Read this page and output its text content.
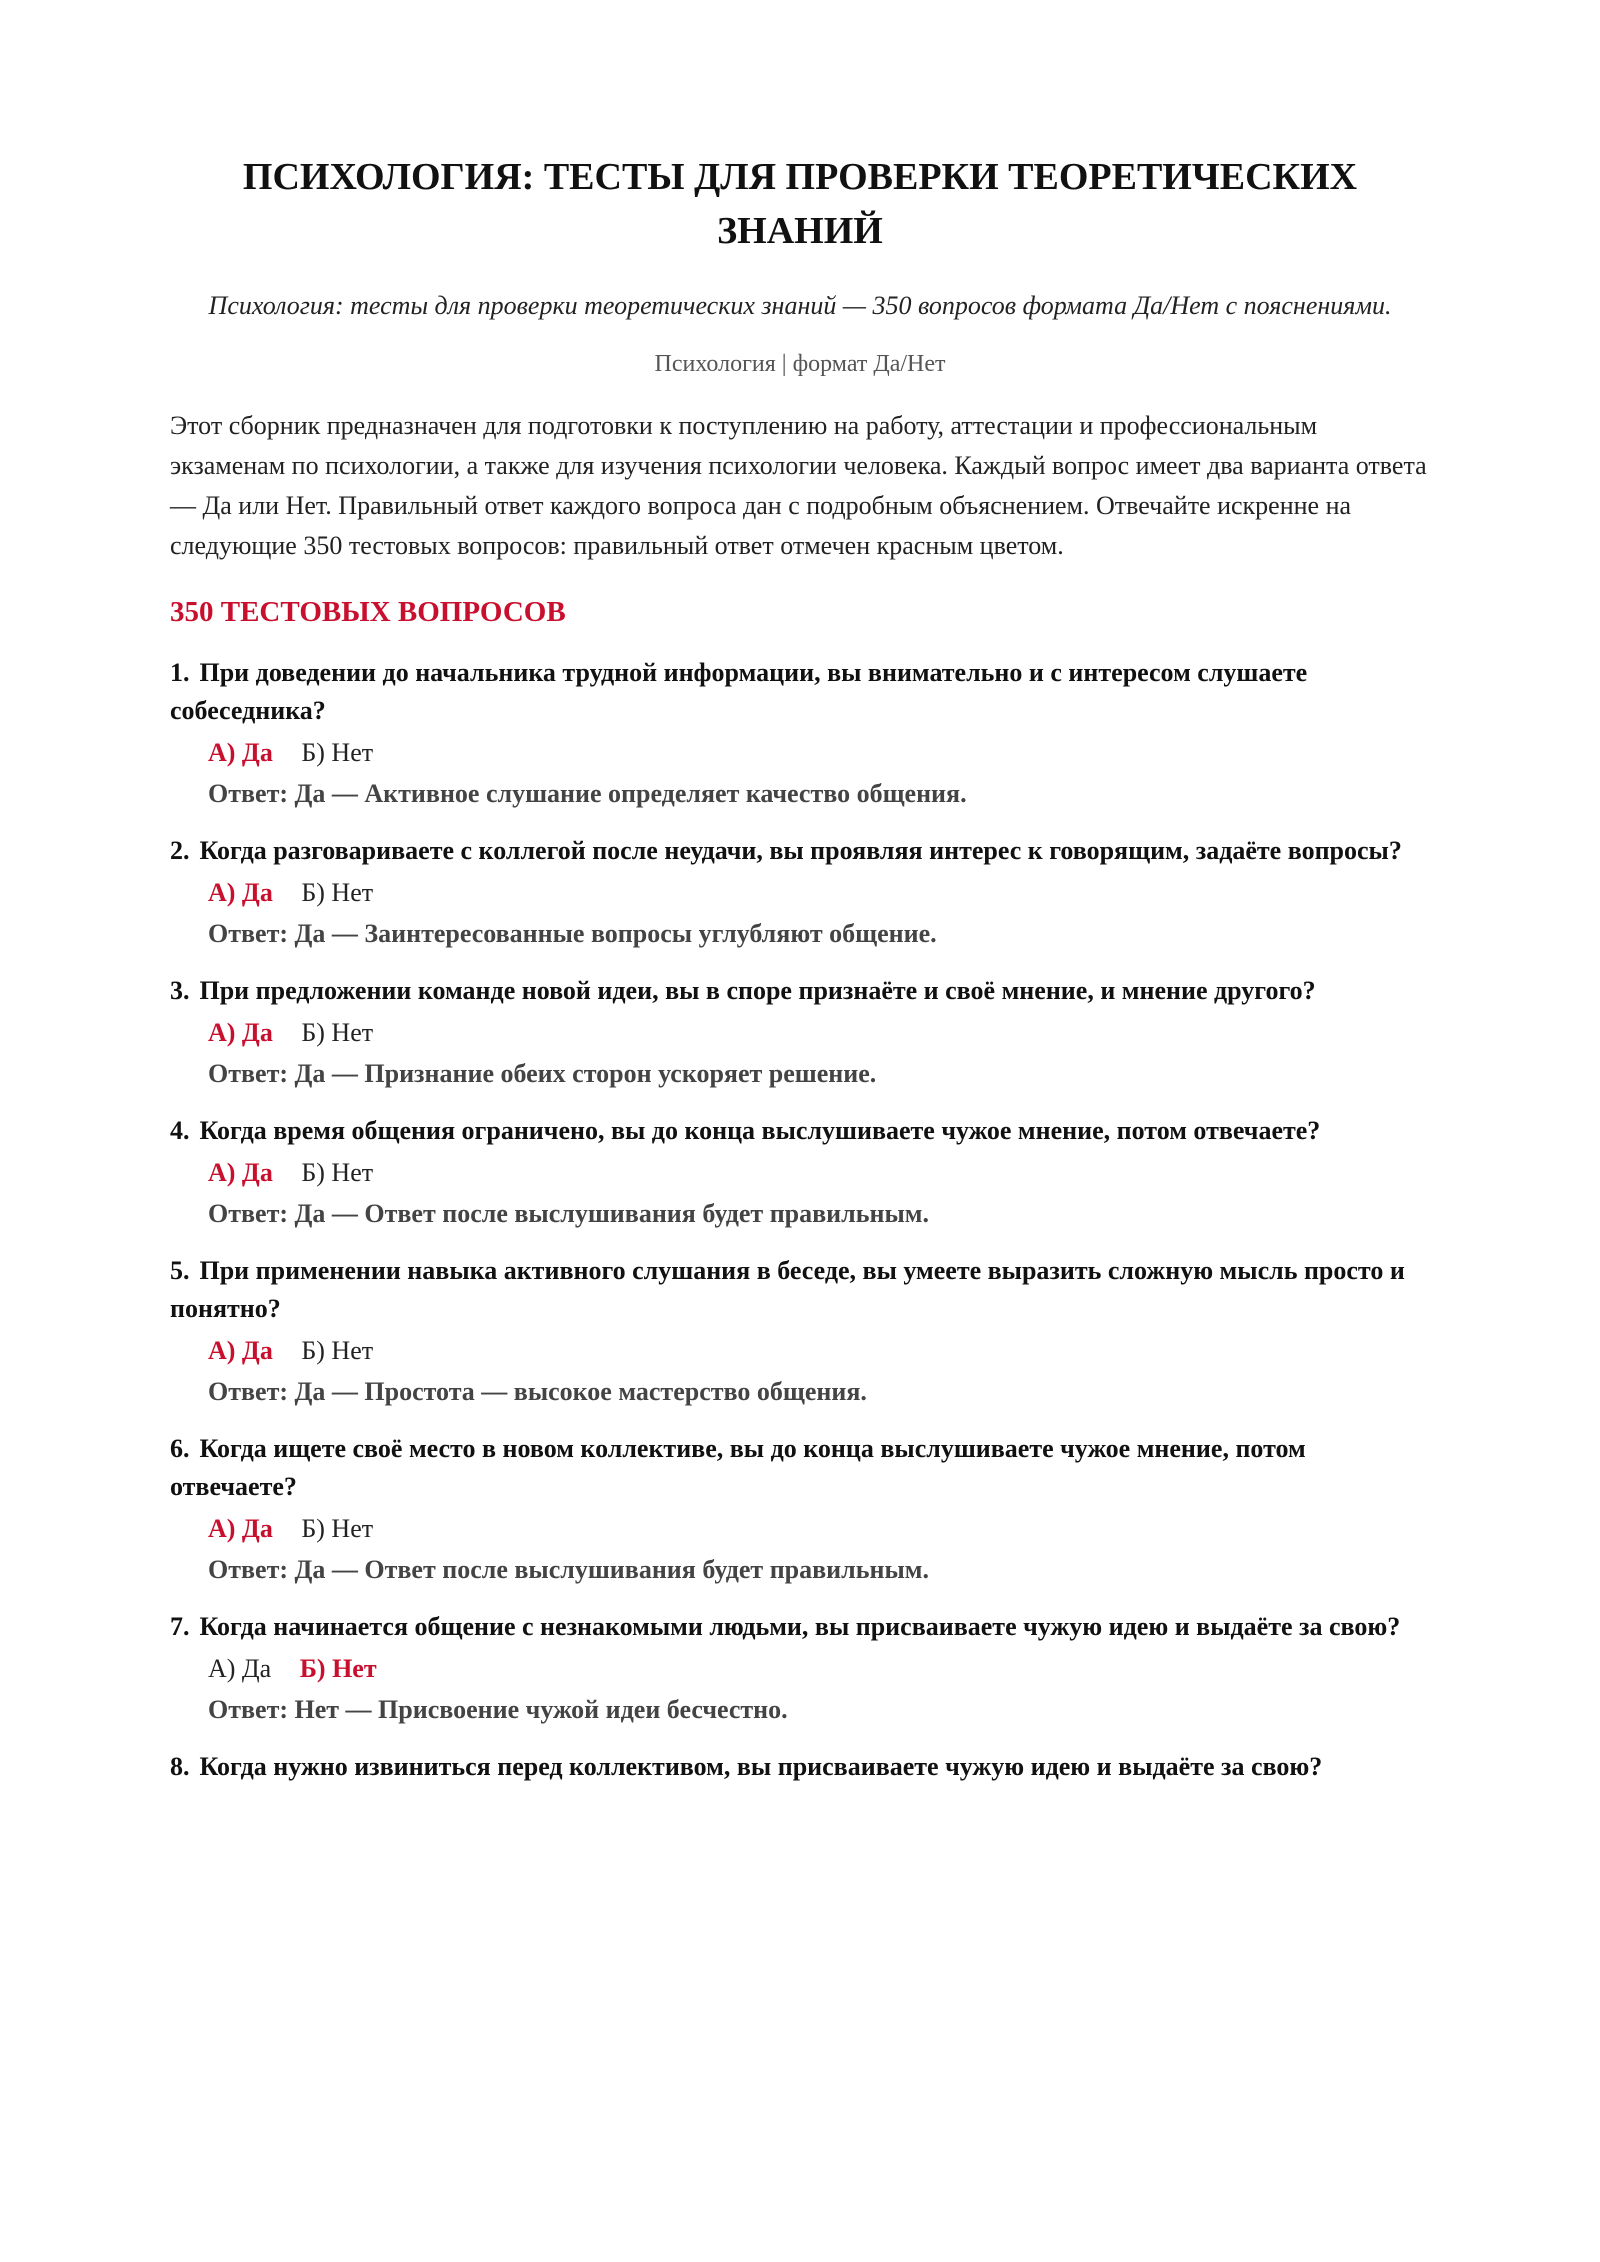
ПСИХОЛОГИЯ: ТЕСТЫ ДЛЯ ПРОВЕРКИ ТЕОРЕТИЧЕСКИХ ЗНАНИЙ
Психология: тесты для проверки теоретических знаний — 350 вопросов формата Да/Нет с пояснениями.
Психология | формат Да/Нет

Этот сборник предназначен для подготовки к поступлению на работу, аттестации и профессиональным экзаменам по психологии, а также для изучения психологии человека. Каждый вопрос имеет два варианта ответа — Да или Нет. Правильный ответ каждого вопроса дан с подробным объяснением. Отвечайте искренне на следующие 350 тестовых вопросов: правильный ответ отмечен красным цветом.

350 ТЕСТОВЫХ ВОПРОСОВ
1. При доведении до начальника трудной информации, вы внимательно и с интересом слушаете собеседника?
А) Да Б) Нет
Ответ: Да — Активное слушание определяет качество общения.
2. Когда разговариваете с коллегой после неудачи, вы проявляя интерес к говорящим, задаёте вопросы?
А) Да Б) Нет
Ответ: Да — Заинтересованные вопросы углубляют общение.
3. При предложении команде новой идеи, вы в споре признаёте и своё мнение, и мнение другого?
А) Да Б) Нет
Ответ: Да — Признание обеих сторон ускоряет решение.
4. Когда время общения ограничено, вы до конца выслушиваете чужое мнение, потом отвечаете?
А) Да Б) Нет
Ответ: Да — Ответ после выслушивания будет правильным.
5. При применении навыка активного слушания в беседе, вы умеете выразить сложную мысль просто и понятно?
А) Да Б) Нет
Ответ: Да — Простота — высокое мастерство общения.
6. Когда ищете своё место в новом коллективе, вы до конца выслушиваете чужое мнение, потом отвечаете?
А) Да Б) Нет
Ответ: Да — Ответ после выслушивания будет правильным.
7. Когда начинается общение с незнакомыми людьми, вы присваиваете чужую идею и выдаёте за свою?
А) Да Б) Нет
Ответ: Нет — Присвоение чужой идеи бесчестно.
8. Когда нужно извиниться перед коллективом, вы присваиваете чужую идею и выдаёте за свою?
